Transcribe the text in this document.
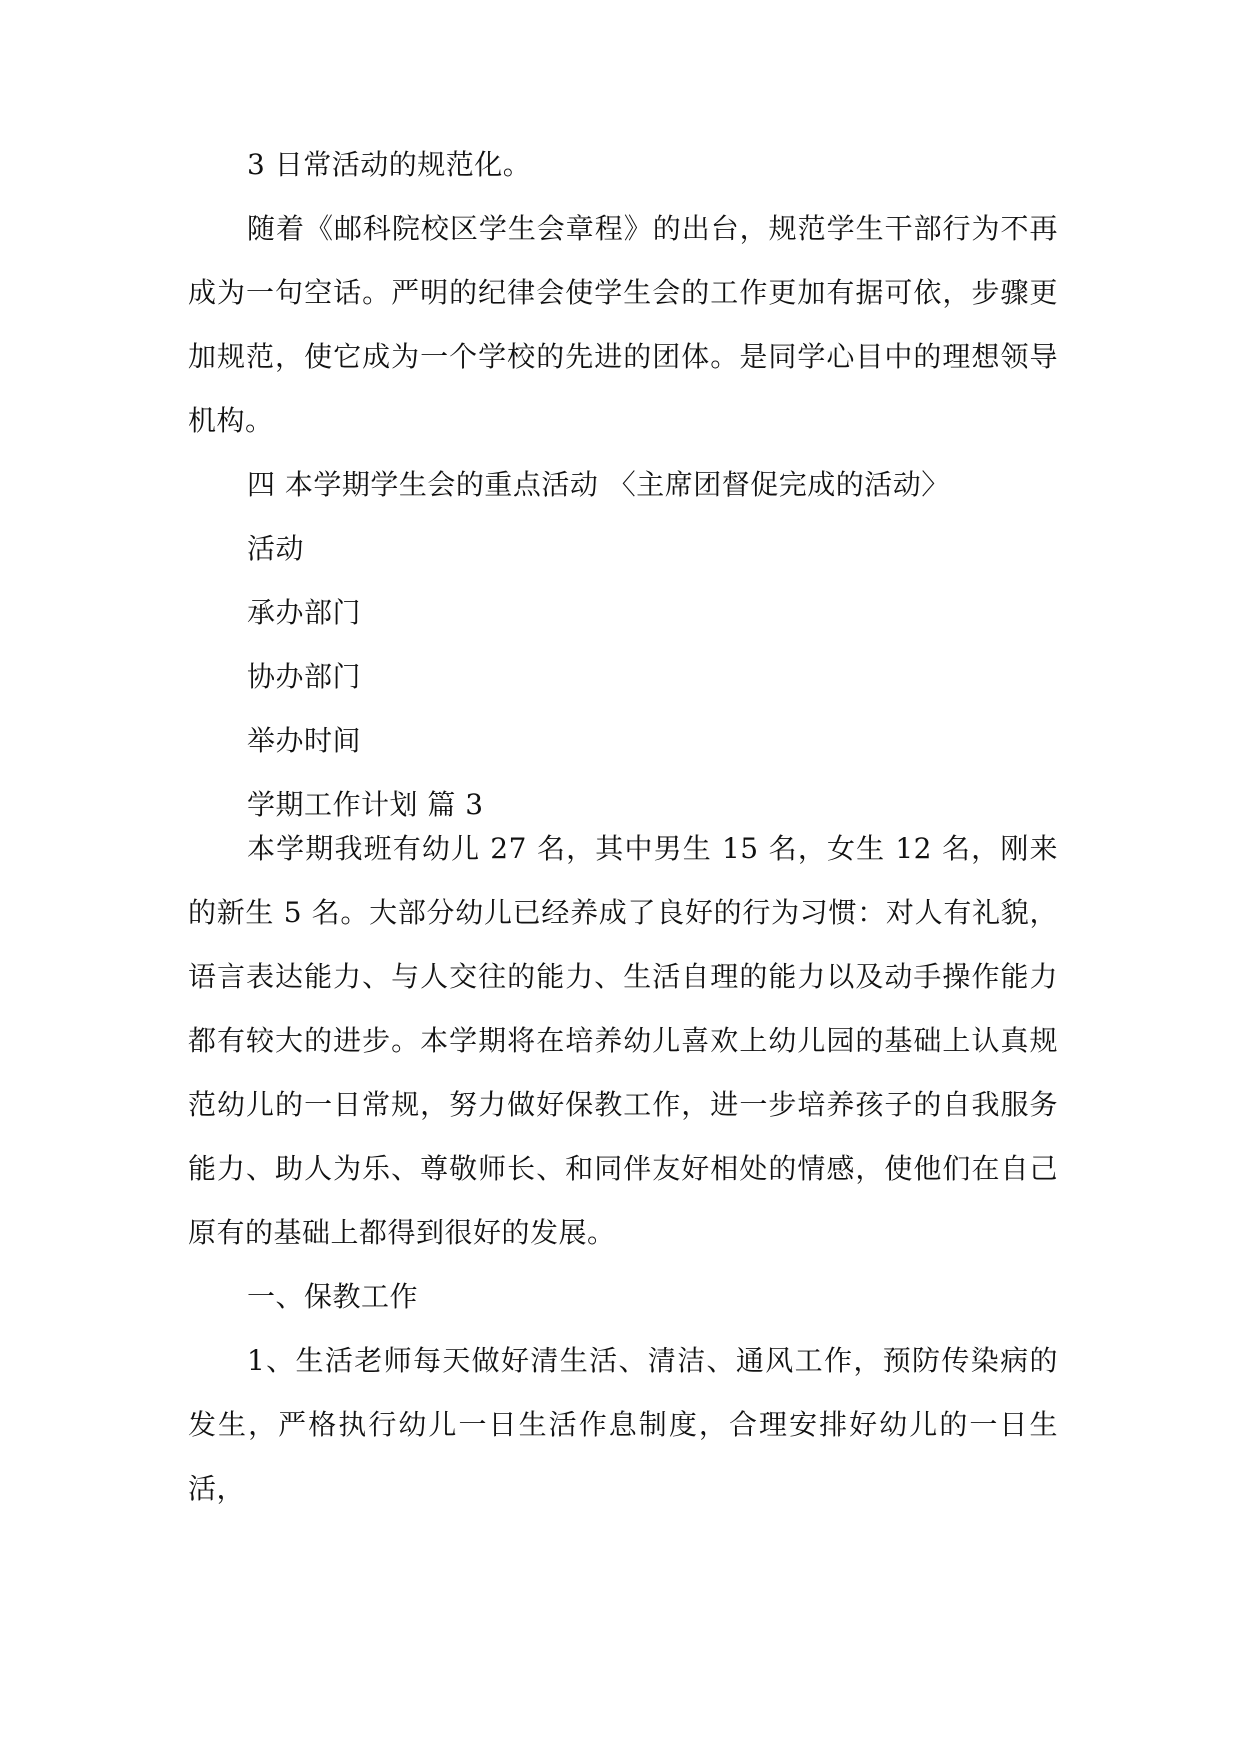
3 日常活动的规范化。

随着《邮科院校区学生会章程》的出台，规范学生干部行为不再成为一句空话。严明的纪律会使学生会的工作更加有据可依，步骤更加规范，使它成为一个学校的先进的团体。是同学心目中的理想领导机构。

四 本学期学生会的重点活动 〈主席团督促完成的活动〉

活动

承办部门

协办部门

举办时间

学期工作计划 篇 3

本学期我班有幼儿 27 名，其中男生 15 名，女生 12 名，刚来的新生 5 名。大部分幼儿已经养成了良好的行为习惯：对人有礼貌，语言表达能力、与人交往的能力、生活自理的能力以及动手操作能力都有较大的进步。本学期将在培养幼儿喜欢上幼儿园的基础上认真规范幼儿的一日常规，努力做好保教工作，进一步培养孩子的自我服务能力、助人为乐、尊敬师长、和同伴友好相处的情感，使他们在自己原有的基础上都得到很好的发展。

一、保教工作

1、生活老师每天做好清生活、清洁、通风工作，预防传染病的发生，严格执行幼儿一日生活作息制度，合理安排好幼儿的一日生活，
